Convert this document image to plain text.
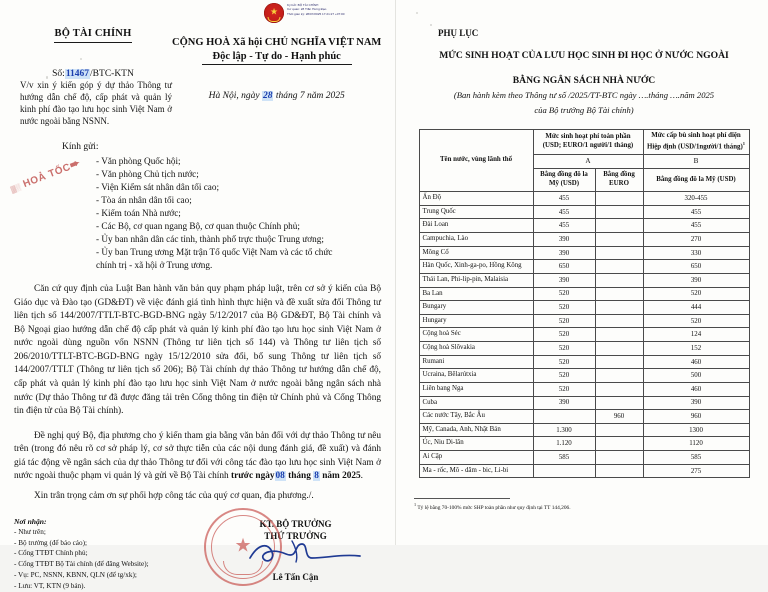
BỘ TÀI CHÍNH
Số:11467/BTC-KTN
V/v xin ý kiến góp ý dự thảo Thông tư hướng dẫn chế độ, cấp phát và quản lý kinh phí đào tạo lưu học sinh Việt Nam ở nước ngoài bằng NSNN.
★
Ký bởi: BỘ TÀI CHÍNH
Cơ quan: 28 Trần Hưng Đạo
Thời gian ký: 28/07/2025 17:21:27 +07:00
CỘNG HOÀ Xã hội CHỦ NGHĨA VIỆT NAM
Độc lập - Tự do - Hạnh phúc
Hà Nội, ngày 28 tháng 7 năm 2025
▓▒ HOẢ TỐC➨
Kính gửi:
- Văn phòng Quốc hội;
- Văn phòng Chủ tịch nước;
- Viện Kiểm sát nhân dân tối cao;
- Tòa án nhân dân tối cao;
- Kiểm toán Nhà nước;
- Các Bộ, cơ quan ngang Bộ, cơ quan thuộc Chính phủ;
- Ủy ban nhân dân các tỉnh, thành phố trực thuộc Trung ương;
- Ủy ban Trung ương Mặt trận Tổ quốc Việt Nam và các tổ chức chính trị - xã hội ở Trung ương.
Căn cứ quy định của Luật Ban hành văn bản quy phạm pháp luật, trên cơ sở ý kiến của Bộ Giáo dục và Đào tạo (GD&ĐT) về việc đánh giá tình hình thực hiện và đề xuất sửa đổi Thông tư liên tịch số 144/2007/TTLT-BTC-BGD-BNG ngày 5/12/2017 của Bộ GD&ĐT, Bộ Tài chính và Bộ Ngoại giao hướng dẫn chế độ cấp phát và quản lý kinh phí đào tạo lưu học sinh Việt Nam ở nước ngoài dùng nguồn vốn NSNN (Thông tư liên tịch số 144) và Thông tư liên tịch số 206/2010/TTLT-BTC-BGD-BNG ngày 15/12/2010 sửa đổi, bổ sung Thông tư liên tịch số 144/2007/TTLT (Thông tư liên tịch số 206); Bộ Tài chính dự thảo Thông tư hướng dẫn chế độ, cấp phát và quản lý kinh phí đào tạo lưu học sinh Việt Nam ở nước ngoài bằng ngân sách nhà nước (Dự thảo Thông tư đã được đăng tải trên Cổng thông tin điện tử Chính phủ và Cổng Thông tin điện tử của Bộ Tài chính).
Đề nghị quý Bộ, địa phương cho ý kiến tham gia bằng văn bản đối với dự thảo Thông tư nêu trên (trong đó nêu rõ cơ sở pháp lý, cơ sở thực tiễn của các nội dung đánh giá, đề xuất) và đánh giá tác động về ngân sách của dự thảo Thông tư đối với công tác đào tạo lưu học sinh Việt Nam ở nước ngoài thuộc phạm vi quản lý và gửi về Bộ Tài chính trước ngày08 tháng 8 năm 2025.
Xin trân trọng cảm ơn sự phối hợp công tác của quý cơ quan, địa phương./.
Nơi nhận:
- Như trên;
- Bộ trưởng (để báo cáo);
- Cổng TTĐT Chính phủ;
- Cổng TTĐT Bộ Tài chính (để đăng Website);
- Vụ: PC, NSNN, KBNN, QLN (để tg/xk);
- Lưu: VT, KTN (9 bản).
★
KT. BỘ TRƯỞNG
THỨ TRƯỞNG
Lê Tấn Cận
PHỤ LỤC
MỨC SINH HOẠT CỦA LƯU HỌC SINH ĐI HỌC Ở NƯỚC NGOÀI
BẰNG NGÂN SÁCH NHÀ NƯỚC
(Ban hành kèm theo Thông tư số /2025/TT-BTC ngày ….tháng ….năm 2025
của Bộ trưởng Bộ Tài chính)
Tên nước, vùng lãnh thổ	Mức sinh hoạt phí toàn phần (USD; EURO/1 người/1 tháng)		Mức cấp bù sinh hoạt phí diện Hiệp định (USD/1người/1 tháng)$^1$
	A		B
	Bằng đồng đô la Mỹ (USD)	Bằng đồng EURO	Bằng đồng đô la Mỹ (USD)
Ấn Độ	455		320-455
Trung Quốc	455		455
Đài Loan	455		455
Campuchia, Lào	390		270
Mông Cổ	390		330
Hàn Quốc, Xinh-ga-po, Hồng Kông	650		650
Thái Lan, Phi-lip-pin, Malaisia	390		390
Ba Lan	520		520
Bungary	520		444
Hungary	520		520
Cộng hoà Séc	520		124
Cộng hoà Slôvakia	520		152
Rumani	520		460
Ucraina, Bêlarútxia	520		500
Liên bang Nga	520		460
Cuba	390		390
Các nước Tây, Bắc Âu		960	960
Mỹ, Canada, Anh, Nhật Bản	1.300		1300
Úc, Niu Di-lân	1.120		1120
Ai Cập	585		585
Ma - rốc, Mô - dăm - bic, Li-bi			275
$^1$ Tỷ lệ bằng 70-100% mức SHP toàn phần như quy định tại TT 144,206.
